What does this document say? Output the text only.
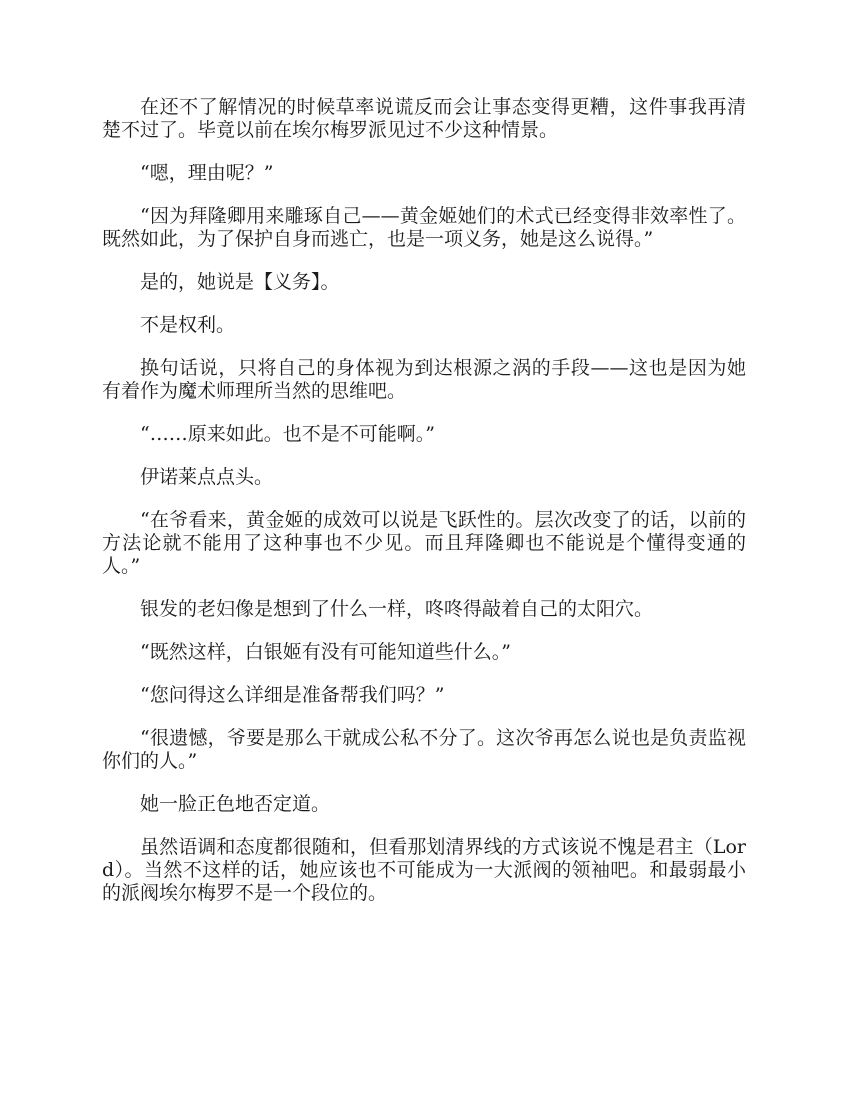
在还不了解情况的时候草率说谎反而会让事态变得更糟，这件事我再清楚不过了。毕竟以前在埃尔梅罗派见过不少这种情景。

“嗯，理由呢？”

“因为拜隆卿用来雕琢自己——黄金姬她们的术式已经变得非效率性了。既然如此，为了保护自身而逃亡，也是一项义务，她是这么说得。”

是的，她说是【义务】。

不是权利。

换句话说，只将自己的身体视为到达根源之涡的手段——这也是因为她有着作为魔术师理所当然的思维吧。

“……原来如此。也不是不可能啊。”

伊诺莱点点头。

“在爷看来，黄金姬的成效可以说是飞跃性的。层次改变了的话，以前的方法论就不能用了这种事也不少见。而且拜隆卿也不能说是个懂得变通的人。”

银发的老妇像是想到了什么一样，咚咚得敲着自己的太阳穴。

“既然这样，白银姬有没有可能知道些什么。”

“您问得这么详细是准备帮我们吗？”

“很遗憾，爷要是那么干就成公私不分了。这次爷再怎么说也是负责监视你们的人。”

她一脸正色地否定道。

虽然语调和态度都很随和，但看那划清界线的方式该说不愧是君主（Lord）。当然不这样的话，她应该也不可能成为一大派阀的领袖吧。和最弱最小的派阀埃尔梅罗不是一个段位的。
